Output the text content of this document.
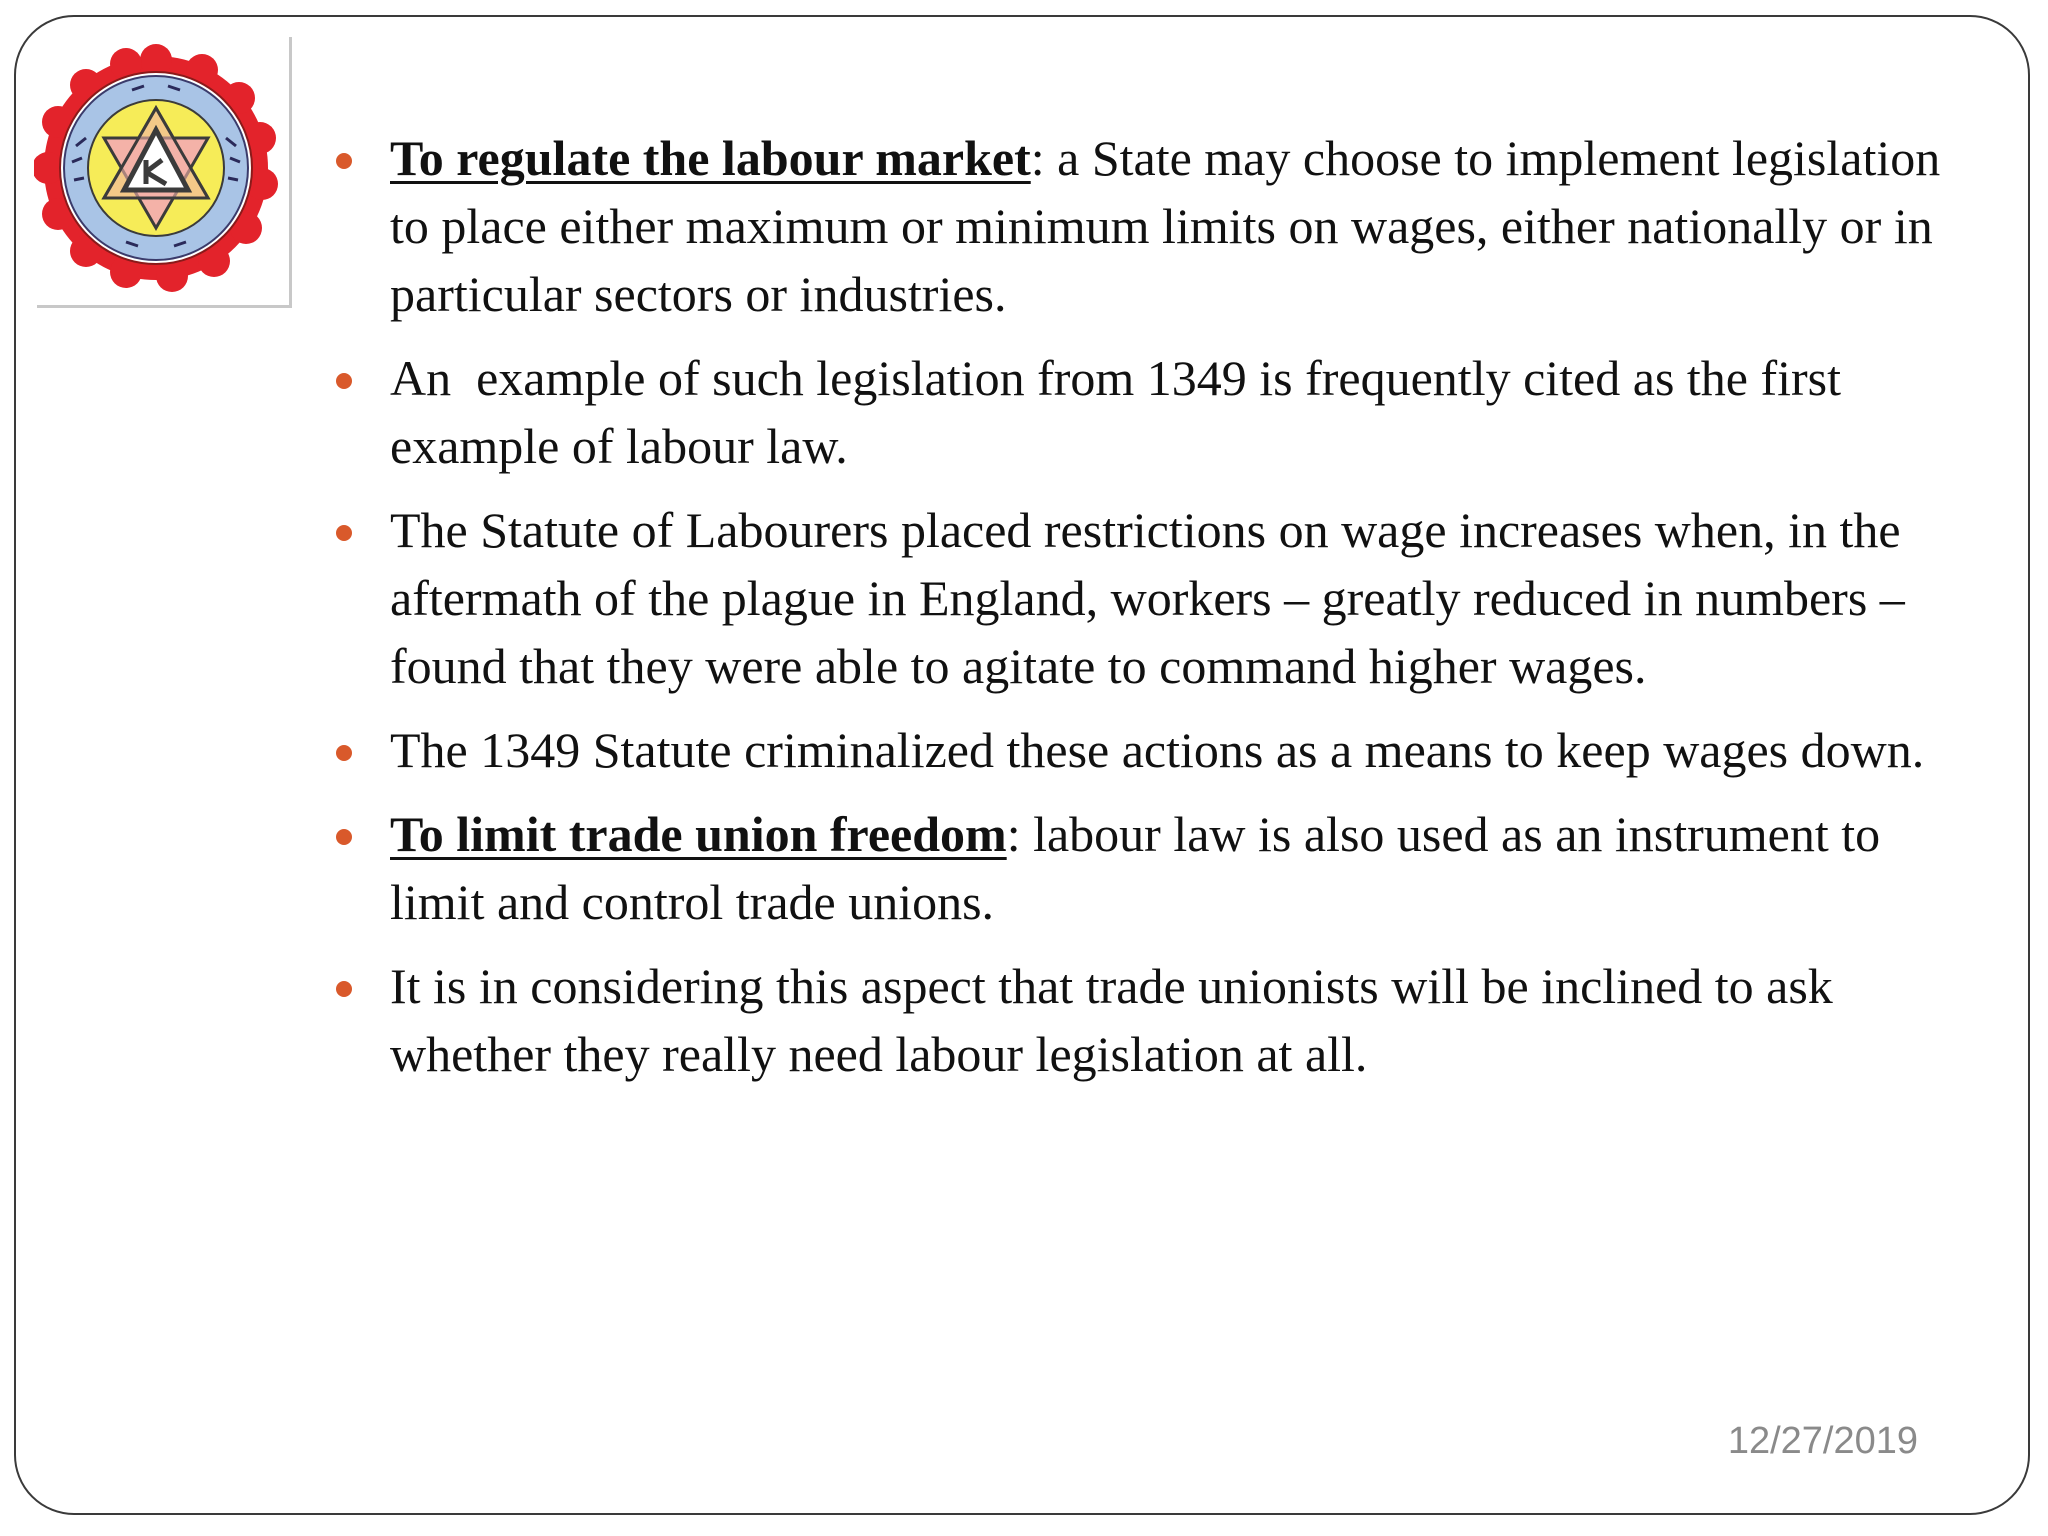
To regulate the labour market: a State may choose to implement legislation to place either maximum or minimum limits on wages, either nationally or in particular sectors or industries.
An  example of such legislation from 1349 is frequently cited as the first example of labour law.
The Statute of Labourers placed restrictions on wage increases when, in the aftermath of the plague in England, workers – greatly reduced in numbers – found that they were able to agitate to command higher wages.
The 1349 Statute criminalized these actions as a means to keep wages down.
To limit trade union freedom: labour law is also used as an instrument to limit and control trade unions.
It is in considering this aspect that trade unionists will be inclined to ask whether they really need labour legislation at all.
12/27/2019
